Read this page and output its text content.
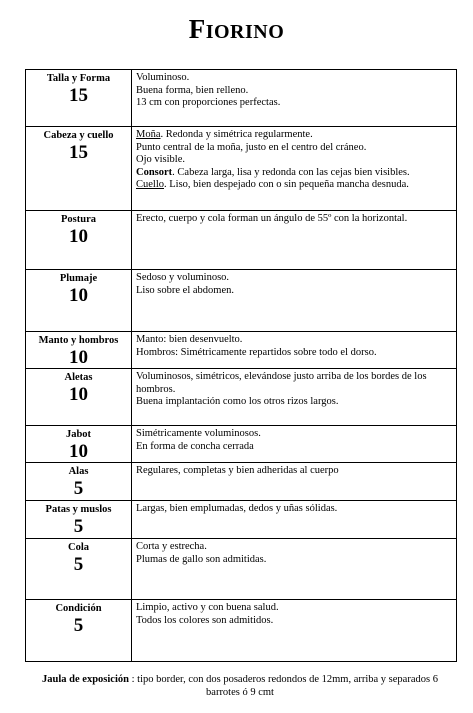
FIORINO
Talla y Forma
15	Voluminoso.
Buena forma, bien relleno.
13 cm con proporciones perfectas.

Cabeza y cuello
15	Moña. Redonda y simétrica regularmente.
Punto central de la moña, justo en el centro del cráneo.
Ojo visible.
Consort. Cabeza larga, lisa y redonda con las cejas bien visibles.
Cuello. Liso, bien despejado con o sin pequeña mancha desnuda.

Postura
10	Erecto, cuerpo y cola forman un ángulo de 55º con la horizontal.

Plumaje
10	Sedoso y voluminoso.
Liso sobre el abdomen.

Manto y hombros
10	Manto: bien desenvuelto.
Hombros: Simétricamente repartidos sobre todo el dorso.

Aletas
10	Voluminosos, simétricos, elevándose justo arriba de los bordes de los hombros.
Buena implantación como los otros rizos largos.

Jabot
10	Simétricamente voluminosos.
En forma de concha cerrada

Alas
5	Regulares, completas y bien adheridas al cuerpo

Patas y muslos
5	Largas, bien emplumadas, dedos y uñas sólidas.

Cola
5	Corta y estrecha.
Plumas de gallo son admitidas.

Condición
5	Limpio, activo y con buena salud.
Todos los colores son admitidos.
Jaula de exposición : tipo border, con dos posaderos redondos de 12mm, arriba y separados 6 barrotes ó 9 cmt
